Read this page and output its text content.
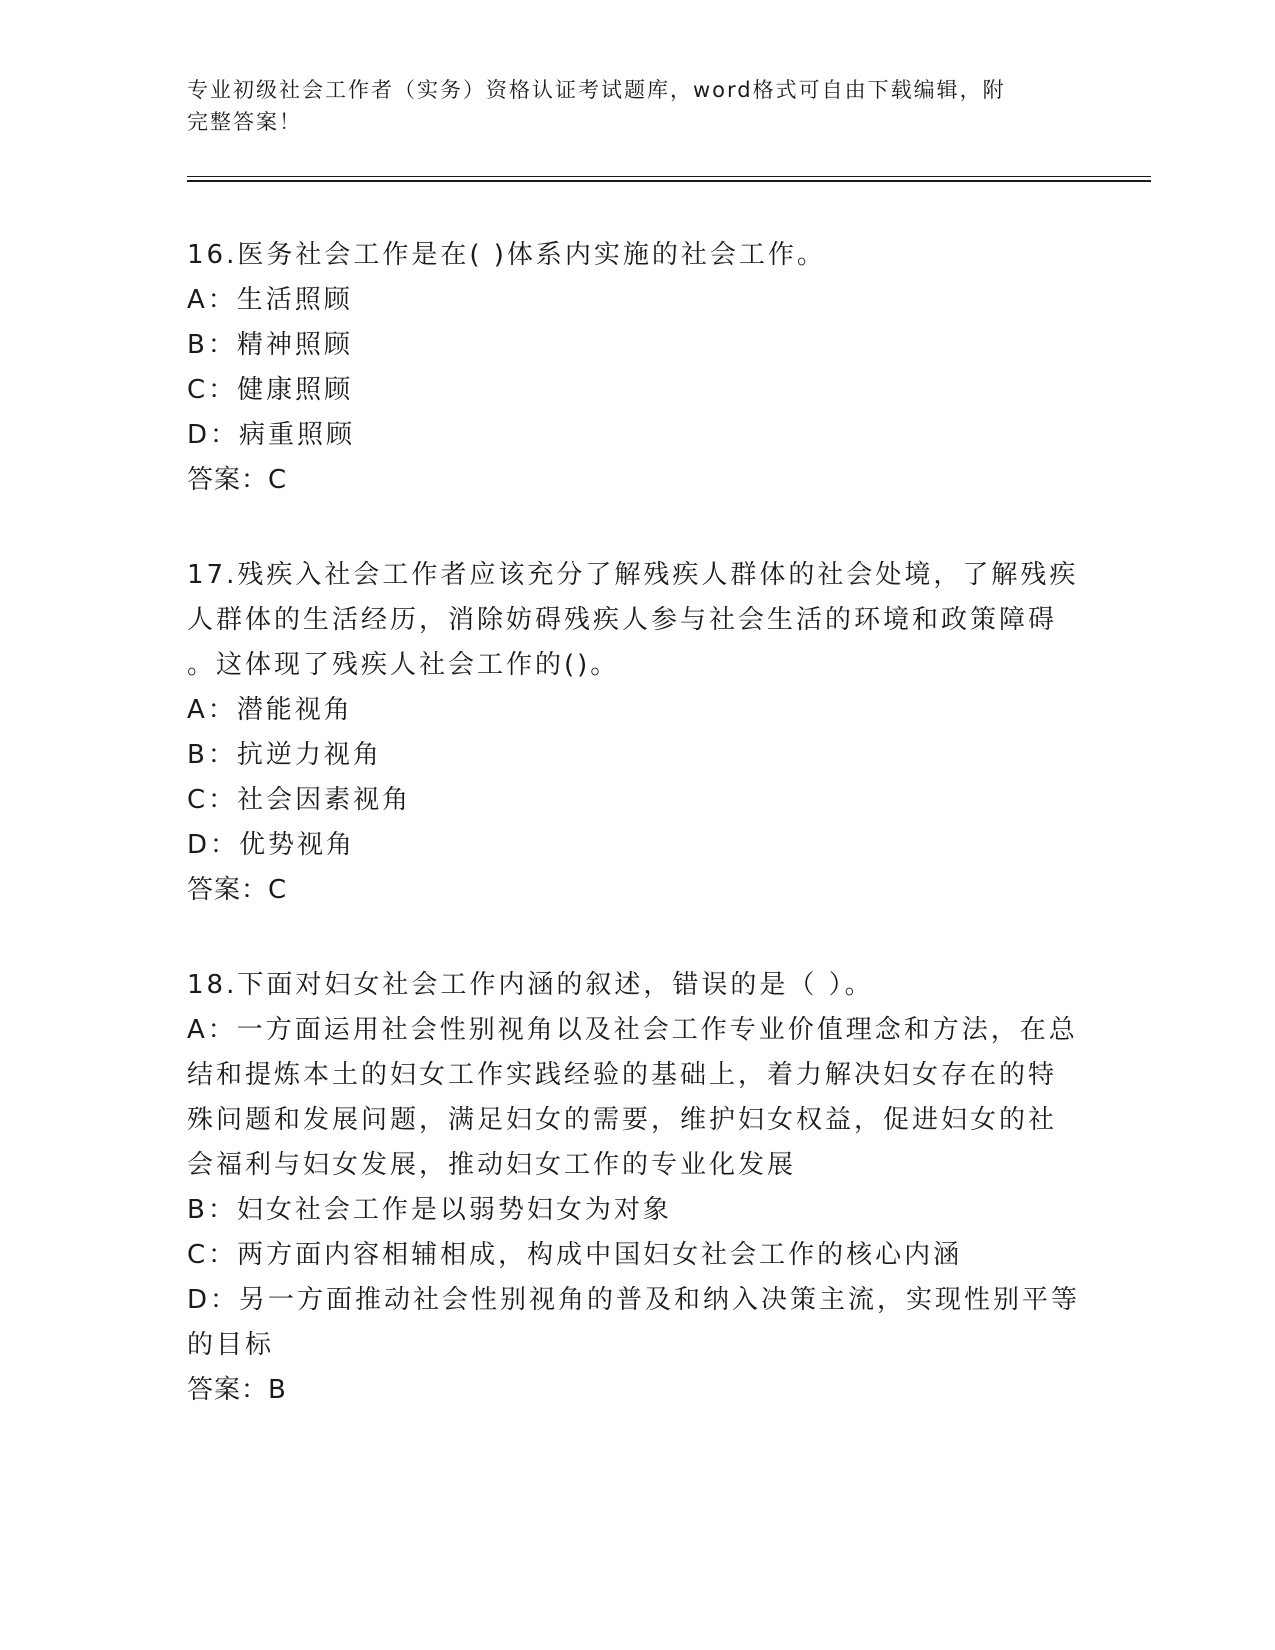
专业初级社会工作者（实务）资格认证考试题库，word格式可自由下载编辑，附
完整答案！
16.医务社会工作是在( )体系内实施的社会工作。
A：生活照顾
B：精神照顾
C：健康照顾
D：病重照顾
答案：C
17.残疾入社会工作者应该充分了解残疾人群体的社会处境，了解残疾
人群体的生活经历，消除妨碍残疾人参与社会生活的环境和政策障碍
。这体现了残疾人社会工作的()。
A：潜能视角
B：抗逆力视角
C：社会因素视角
D：优势视角
答案：C
18.下面对妇女社会工作内涵的叙述，错误的是（ ）。
A：一方面运用社会性别视角以及社会工作专业价值理念和方法，在总
结和提炼本土的妇女工作实践经验的基础上，着力解决妇女存在的特
殊问题和发展问题，满足妇女的需要，维护妇女权益，促进妇女的社
会福利与妇女发展，推动妇女工作的专业化发展
B：妇女社会工作是以弱势妇女为对象
C：两方面内容相辅相成，构成中国妇女社会工作的核心内涵
D：另一方面推动社会性别视角的普及和纳入决策主流，实现性别平等
的目标
答案：B
